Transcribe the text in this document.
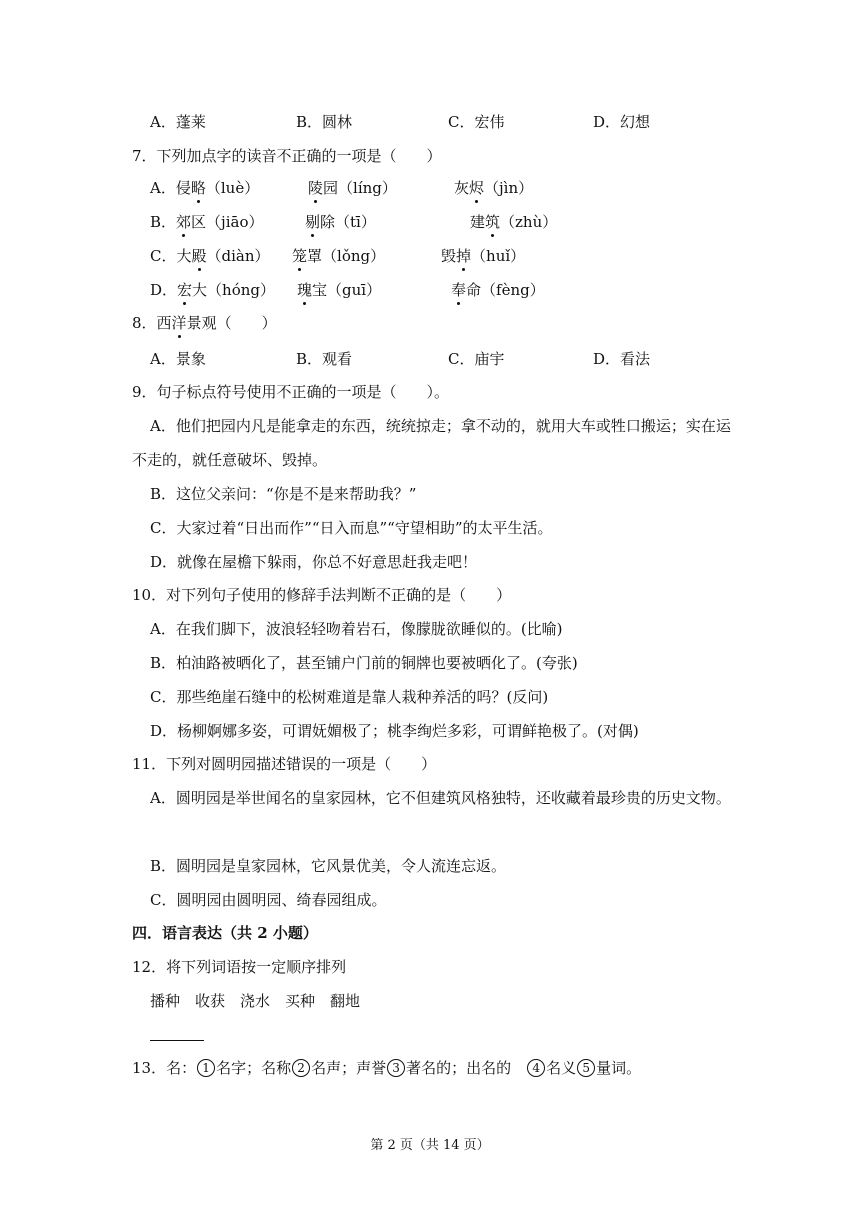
A．蓬莱	B．圆林	C．宏伟	D．幻想
7．下列加点字的读音不正确的一项是（　　）
A．侵略（luè）	陵园（líng）	灰烬（jìn）
B．郊区（jiāo）	剔除（tī）	建筑（zhù）
C．大殿（diàn） 笼罩（lǒng）	毁掉（huǐ）
D．宏大（hóng） 瑰宝（guī）	奉命（fèng）
8．西洋景观（　　）
A．景象	B．观看	C．庙宇	D．看法
9．句子标点符号使用不正确的一项是（　　）。
A．他们把园内凡是能拿走的东西，统统掠走；拿不动的，就用大车或牲口搬运；实在运
不走的，就任意破坏、毁掉。
B．这位父亲问：“你是不是来帮助我？”
C．大家过着“日出而作”“日入而息”“守望相助”的太平生活。
D．就像在屋檐下躲雨，你总不好意思赶我走吧！
10．对下列句子使用的修辞手法判断不正确的是（　　）
A．在我们脚下，波浪轻轻吻着岩石，像朦胧欲睡似的。(比喻)
B．柏油路被晒化了，甚至铺户门前的铜牌也要被晒化了。(夸张)
C．那些绝崖石缝中的松树难道是靠人栽种养活的吗？(反问)
D．杨柳婀娜多姿，可谓妩媚极了；桃李绚烂多彩，可谓鲜艳极了。(对偶)
11．下列对圆明园描述错误的一项是（　　）
A．圆明园是举世闻名的皇家园林，它不但建筑风格独特，还收藏着最珍贵的历史文物。
B．圆明园是皇家园林，它风景优美，令人流连忘返。
C．圆明园由圆明园、绮春园组成。
四．语言表达（共 2 小题）
12．将下列词语按一定顺序排列
播种　收获　浇水　买种　翻地
13．名： 1 名字；名称 2 名声；声誉 3 著名的；出名的　4 名义 5 量词。
第 2 页（共 14 页）
